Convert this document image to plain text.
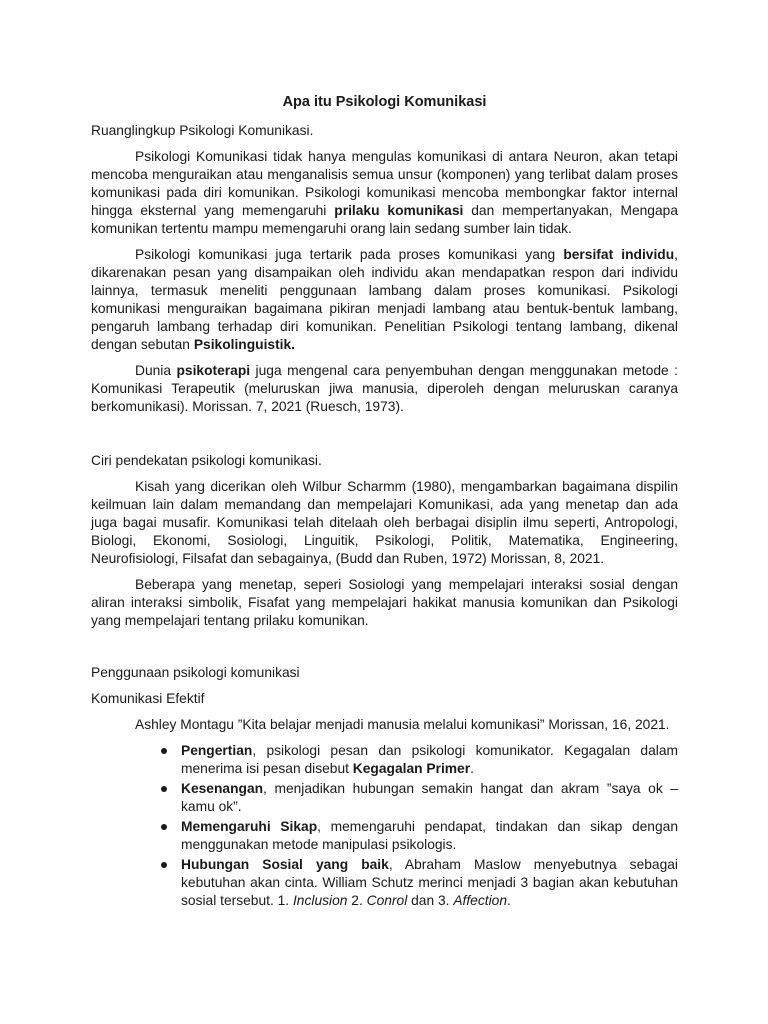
Apa itu Psikologi Komunikasi

Ruanglingkup Psikologi Komunikasi.

Psikologi Komunikasi tidak hanya mengulas komunikasi di antara Neuron, akan tetapi mencoba menguraikan atau menganalisis semua unsur (komponen) yang terlibat dalam proses komunikasi pada diri komunikan. Psikologi komunikasi mencoba membongkar faktor internal hingga eksternal yang memengaruhi prilaku komunikasi dan mempertanyakan, Mengapa komunikan tertentu mampu memengaruhi orang lain sedang sumber lain tidak.

Psikologi komunikasi juga tertarik pada proses komunikasi yang bersifat individu, dikarenakan pesan yang disampaikan oleh individu akan mendapatkan respon dari individu lainnya, termasuk meneliti penggunaan lambang dalam proses komunikasi. Psikologi komunikasi menguraikan bagaimana pikiran menjadi lambang atau bentuk-bentuk lambang, pengaruh lambang terhadap diri komunikan. Penelitian Psikologi tentang lambang, dikenal dengan sebutan Psikolinguistik.

Dunia psikoterapi juga mengenal cara penyembuhan dengan menggunakan metode : Komunikasi Terapeutik (meluruskan jiwa manusia, diperoleh dengan meluruskan caranya berkomunikasi). Morissan. 7, 2021 (Ruesch, 1973).

Ciri pendekatan psikologi komunikasi.

Kisah yang dicerikan oleh Wilbur Scharmm (1980), mengambarkan bagaimana dispilin keilmuan lain dalam memandang dan mempelajari Komunikasi, ada yang menetap dan ada juga bagai musafir. Komunikasi telah ditelaah oleh berbagai disiplin ilmu seperti, Antropologi, Biologi, Ekonomi, Sosiologi, Linguitik, Psikologi, Politik, Matematika, Engineering, Neurofisiologi, Filsafat dan sebagainya, (Budd dan Ruben, 1972) Morissan, 8, 2021.

Beberapa yang menetap, seperi Sosiologi yang mempelajari interaksi sosial dengan aliran interaksi simbolik, Fisafat yang mempelajari hakikat manusia komunikan dan Psikologi yang mempelajari tentang prilaku komunikan.

Penggunaan psikologi komunikasi

Komunikasi Efektif

Ashley Montagu ”Kita belajar menjadi manusia melalui komunikasi” Morissan, 16, 2021.

Pengertian, psikologi pesan dan psikologi komunikator. Kegagalan dalam menerima isi pesan disebut Kegagalan Primer.
Kesenangan, menjadikan hubungan semakin hangat dan akram ”saya ok – kamu ok”.
Memengaruhi Sikap, memengaruhi pendapat, tindakan dan sikap dengan menggunakan metode manipulasi psikologis.
Hubungan Sosial yang baik, Abraham Maslow menyebutnya sebagai kebutuhan akan cinta. William Schutz merinci menjadi 3 bagian akan kebutuhan sosial tersebut. 1. Inclusion 2. Conrol dan 3. Affection.
